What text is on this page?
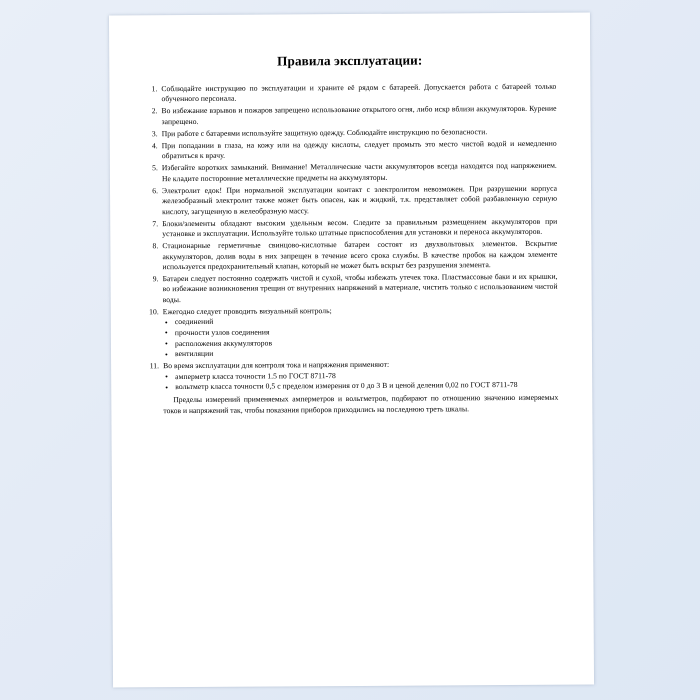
Правила эксплуатации:
Соблюдайте инструкцию по эксплуатации и храните её рядом с батареей. Допускается работа с батареей только обученного персонала.
Во избежание взрывов и пожаров запрещено использование открытого огня, либо искр вблизи аккумуляторов. Курение запрещено.
При работе с батареями используйте защитную одежду. Соблюдайте инструкцию по безопасности.
При попадании в глаза, на кожу или на одежду кислоты, следует промыть это место чистой водой и немедленно обратиться к врачу.
Избегайте коротких замыканий. Внимание! Металлические части аккумуляторов всегда находятся под напряжением. Не кладите посторонние металлические предметы на аккумуляторы.
Электролит едок! При нормальной эксплуатации контакт с электролитом невозможен. При разрушении корпуса железобразный электролит также может быть опасен, как и жидкий, т.к. представляет собой разбавленную серную кислоту, загущенную в желеобразную массу.
Блоки/элементы обладают высоким удельным весом. Следите за правильным размещением аккумуляторов при установке и эксплуатации. Используйте только штатные приспособления для установки и переноса аккумуляторов.
Стационарные герметичные свинцово-кислотные батареи состоят из двухвольтовых элементов. Вскрытие аккумуляторов, долив воды в них запрещен в течение всего срока службы. В качестве пробок на каждом элементе используется предохранительный клапан, который не может быть вскрыт без разрушения элемента.
Батареи следует постоянно содержать чистой и сухой, чтобы избежать утечек тока. Пластмассовые баки и их крышки, во избежание возникновения трещин от внутренних напряжений в материале, чистить только с использованием чистой воды.
Ежегодно следует проводить визуальный контроль;
• соединений
• прочности узлов соединения
• расположения аккумуляторов
• вентиляции
Во время эксплуатации для контроля тока и напряжения применяют:
• амперметр класса точности 1.5 по ГОСТ 8711-78
• вольтметр класса точности 0,5 с пределом измерения от 0 до 3 В и ценой деления 0,02 по ГОСТ 8711-78

Пределы измерений применяемых амперметров и вольтметров, подбирают по отношению значению измеряемых токов и напряжений так, чтобы показания приборов приходились на последнюю треть шкалы.
